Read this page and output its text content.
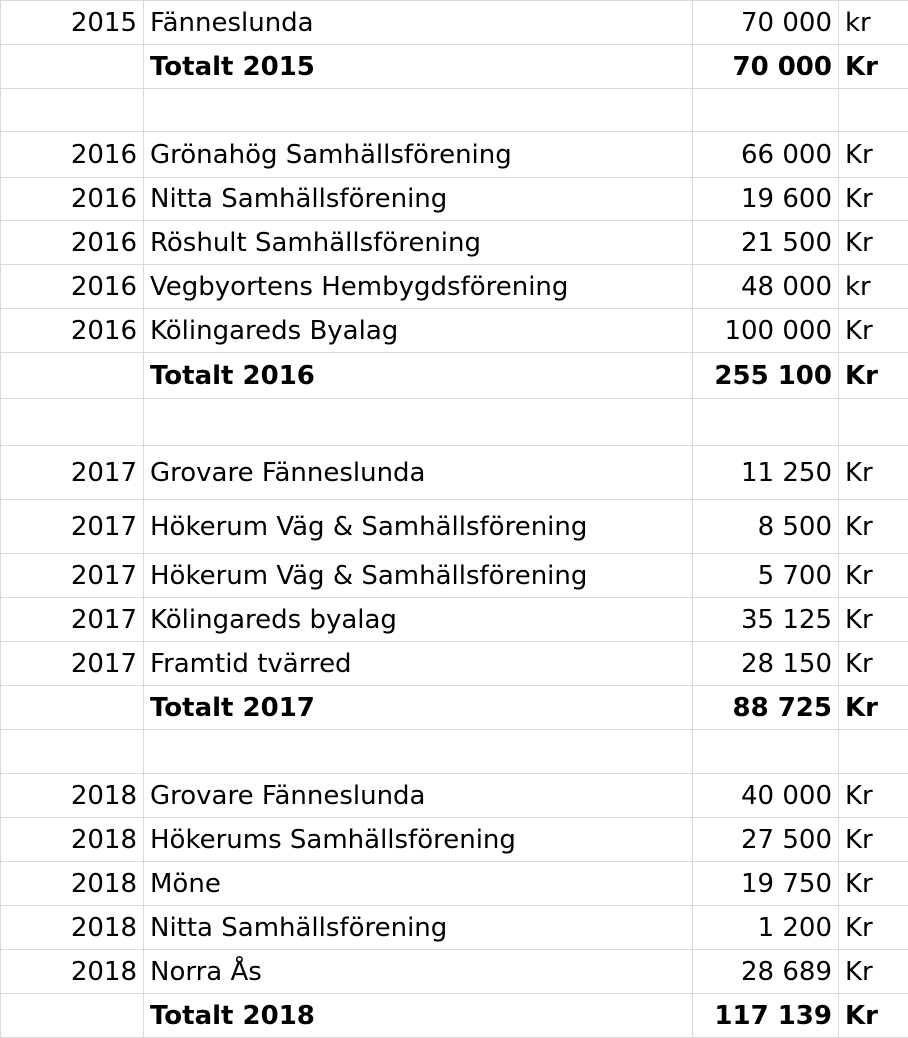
2015	Fänneslunda	70 000	kr
	Totalt 2015	70 000	Kr

2016	Grönahög Samhällsförening	66 000	Kr
2016	Nitta Samhällsförening	19 600	Kr
2016	Röshult Samhällsförening	21 500	Kr
2016	Vegbyortens Hembygdsförening	48 000	kr
2016	Kölingareds Byalag	100 000	Kr
	Totalt 2016	255 100	Kr

2017	Grovare Fänneslunda	11 250	Kr
2017	Hökerum Väg & Samhällsförening	8 500	Kr
2017	Hökerum Väg & Samhällsförening	5 700	Kr
2017	Kölingareds byalag	35 125	Kr
2017	Framtid tvärred	28 150	Kr
	Totalt 2017	88 725	Kr

2018	Grovare Fänneslunda	40 000	Kr
2018	Hökerums Samhällsförening	27 500	Kr
2018	Möne	19 750	Kr
2018	Nitta Samhällsförening	1 200	Kr
2018	Norra Ås	28 689	Kr
	Totalt 2018	117 139	Kr
